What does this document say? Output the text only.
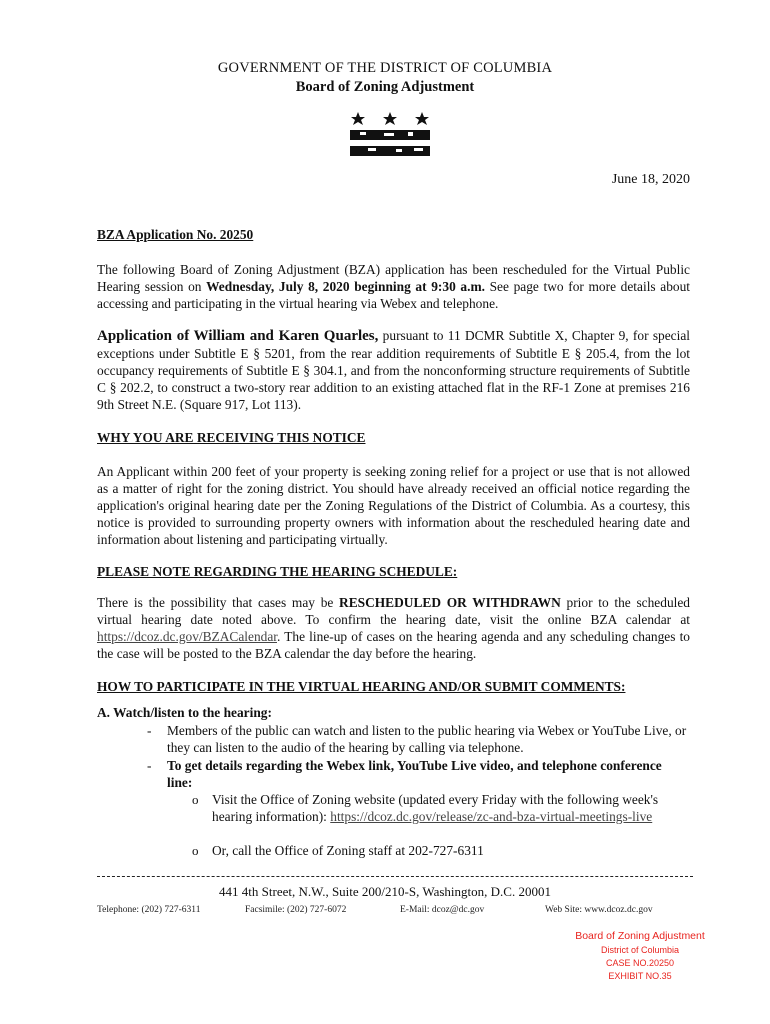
GOVERNMENT OF THE DISTRICT OF COLUMBIA
Board of Zoning Adjustment
June 18, 2020
BZA Application No. 20250
The following Board of Zoning Adjustment (BZA) application has been rescheduled for the Virtual Public Hearing session on Wednesday, July 8, 2020 beginning at 9:30 a.m. See page two for more details about accessing and participating in the virtual hearing via Webex and telephone.
Application of William and Karen Quarles, pursuant to 11 DCMR Subtitle X, Chapter 9, for special exceptions under Subtitle E § 5201, from the rear addition requirements of Subtitle E § 205.4, from the lot occupancy requirements of Subtitle E § 304.1, and from the nonconforming structure requirements of Subtitle C § 202.2, to construct a two-story rear addition to an existing attached flat in the RF-1 Zone at premises 216 9th Street N.E. (Square 917, Lot 113).
WHY YOU ARE RECEIVING THIS NOTICE
An Applicant within 200 feet of your property is seeking zoning relief for a project or use that is not allowed as a matter of right for the zoning district. You should have already received an official notice regarding the application's original hearing date per the Zoning Regulations of the District of Columbia. As a courtesy, this notice is provided to surrounding property owners with information about the rescheduled hearing date and information about listening and participating virtually.
PLEASE NOTE REGARDING THE HEARING SCHEDULE:
There is the possibility that cases may be RESCHEDULED OR WITHDRAWN prior to the scheduled virtual hearing date noted above. To confirm the hearing date, visit the online BZA calendar at https://dcoz.dc.gov/BZACalendar. The line-up of cases on the hearing agenda and any scheduling changes to the case will be posted to the BZA calendar the day before the hearing.
HOW TO PARTICIPATE IN THE VIRTUAL HEARING AND/OR SUBMIT COMMENTS:
A. Watch/listen to the hearing:
- Members of the public can watch and listen to the public hearing via Webex or YouTube Live, or they can listen to the audio of the hearing by calling via telephone.
- To get details regarding the Webex link, YouTube Live video, and telephone conference line:
o Visit the Office of Zoning website (updated every Friday with the following week's hearing information): https://dcoz.dc.gov/release/zc-and-bza-virtual-meetings-live
o Or, call the Office of Zoning staff at 202-727-6311
441 4th Street, N.W., Suite 200/210-S, Washington, D.C. 20001
Telephone: (202) 727-6311	Facsimile: (202) 727-6072	E-Mail: dcoz@dc.gov	Web Site: www.dcoz.dc.gov
Board of Zoning Adjustment
District of Columbia
CASE NO.20250
EXHIBIT NO.35
